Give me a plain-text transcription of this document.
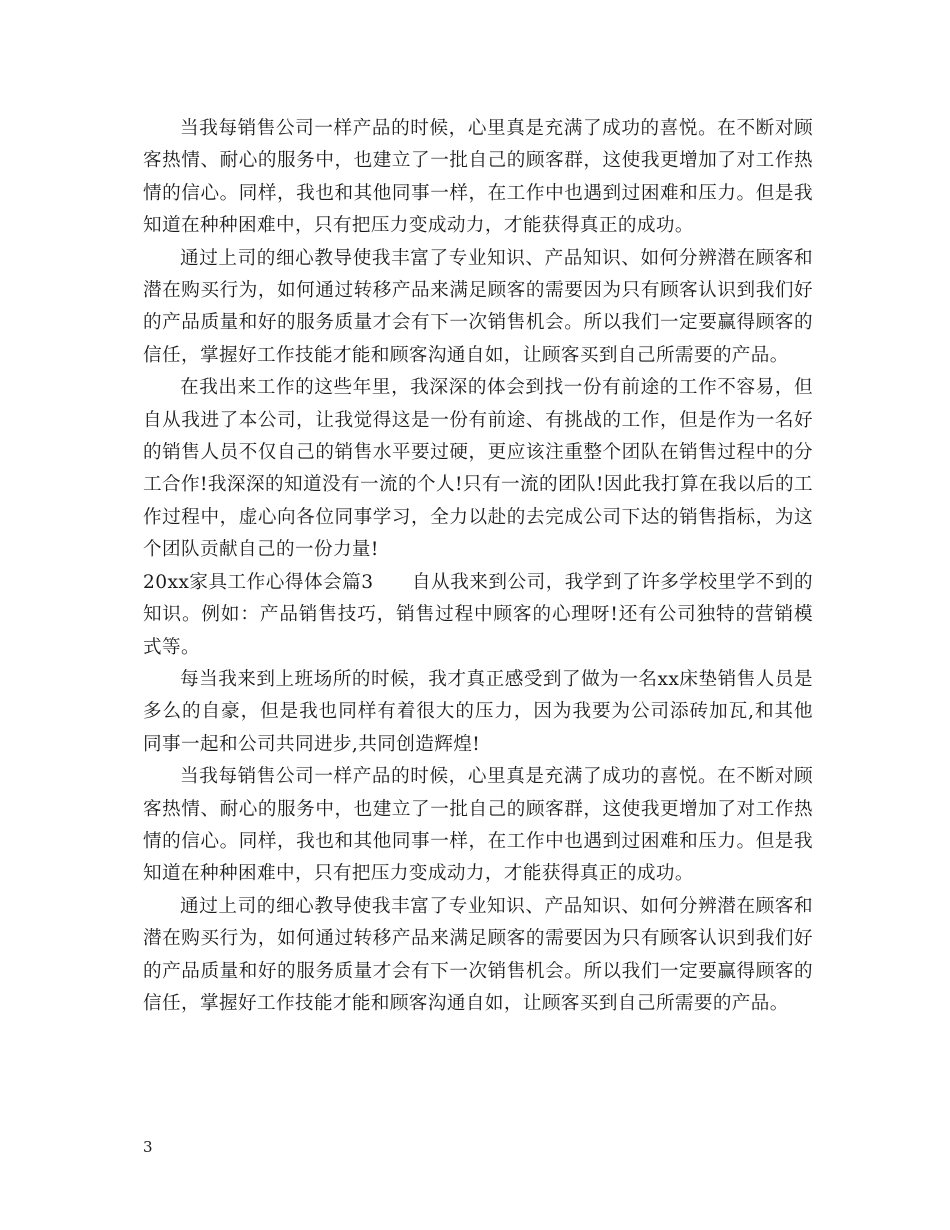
当我每销售公司一样产品的时候，心里真是充满了成功的喜悦。在不断对顾客热情、耐心的服务中，也建立了一批自己的顾客群，这使我更增加了对工作热情的信心。同样，我也和其他同事一样，在工作中也遇到过困难和压力。但是我知道在种种困难中，只有把压力变成动力，才能获得真正的成功。

通过上司的细心教导使我丰富了专业知识、产品知识、如何分辨潜在顾客和潜在购买行为，如何通过转移产品来满足顾客的需要因为只有顾客认识到我们好的产品质量和好的服务质量才会有下一次销售机会。所以我们一定要赢得顾客的信任，掌握好工作技能才能和顾客沟通自如，让顾客买到自己所需要的产品。

在我出来工作的这些年里，我深深的体会到找一份有前途的工作不容易，但自从我进了本公司，让我觉得这是一份有前途、有挑战的工作，但是作为一名好的销售人员不仅自己的销售水平要过硬，更应该注重整个团队在销售过程中的分工合作!我深深的知道没有一流的个人!只有一流的团队!因此我打算在我以后的工作过程中，虚心向各位同事学习，全力以赴的去完成公司下达的销售指标，为这个团队贡献自己的一份力量!

20xx家具工作心得体会篇3 自从我来到公司，我学到了许多学校里学不到的知识。例如：产品销售技巧，销售过程中顾客的心理呀!还有公司独特的营销模式等。

每当我来到上班场所的时候，我才真正感受到了做为一名xx床垫销售人员是多么的自豪，但是我也同样有着很大的压力，因为我要为公司添砖加瓦,和其他同事一起和公司共同进步,共同创造辉煌!

当我每销售公司一样产品的时候，心里真是充满了成功的喜悦。在不断对顾客热情、耐心的服务中，也建立了一批自己的顾客群，这使我更增加了对工作热情的信心。同样，我也和其他同事一样，在工作中也遇到过困难和压力。但是我知道在种种困难中，只有把压力变成动力，才能获得真正的成功。

通过上司的细心教导使我丰富了专业知识、产品知识、如何分辨潜在顾客和潜在购买行为，如何通过转移产品来满足顾客的需要因为只有顾客认识到我们好的产品质量和好的服务质量才会有下一次销售机会。所以我们一定要赢得顾客的信任，掌握好工作技能才能和顾客沟通自如，让顾客买到自己所需要的产品。

3
